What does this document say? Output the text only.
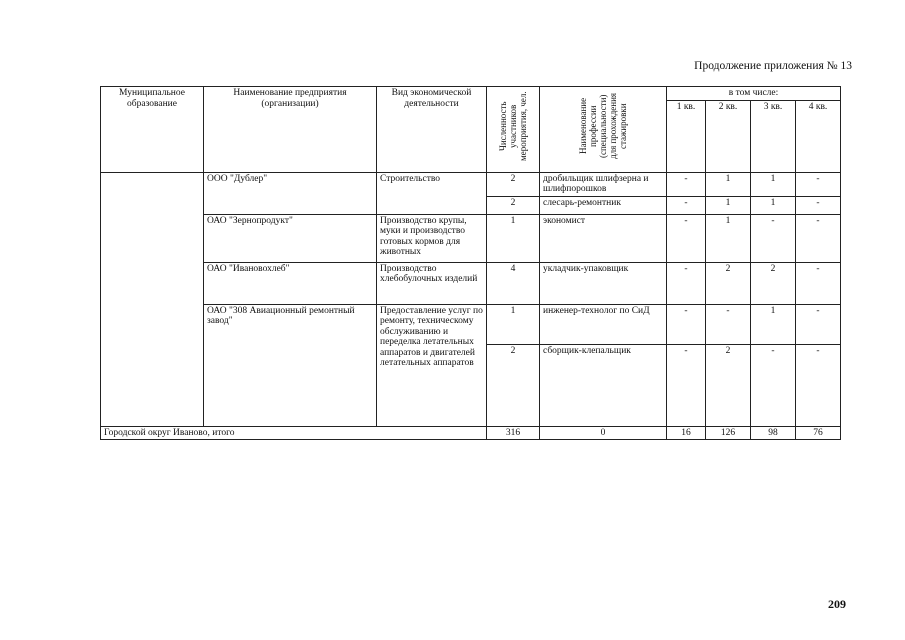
Продолжение приложения № 13
Муниципальное образование	Наименование предприятия (организации)	Вид экономической деятельности	Численность участников мероприятия, чел.	Наименование профессии (специальности) для прохождения стажировки	в том числе:			
					1 кв.	2 кв.	3 кв.	4 кв.
	ООО "Дублер"	Строительство	2	дробильщик шлифзерна и шлифпорошков	-	1	1	-
			2	слесарь-ремонтник	-	1	1	-
	ОАО "Зернопродукт"	Производство крупы, муки и производство готовых кормов для животных	1	экономист	-	1	-	-
	ОАО "Ивановохлеб"	Производство хлебобулочных изделий	4	укладчик-упаковщик	-	2	2	-
	ОАО "308 Авиационный ремонтный завод"	Предоставление услуг по ремонту, техническому обслуживанию и переделка летательных аппаратов и двигателей летательных аппаратов	1	инженер-технолог по СиД	-	-	1	-
			2	сборщик-клепальщик	-	2	-	-
Городской округ Иваново, итого			316	0	16	126	98	76
209
